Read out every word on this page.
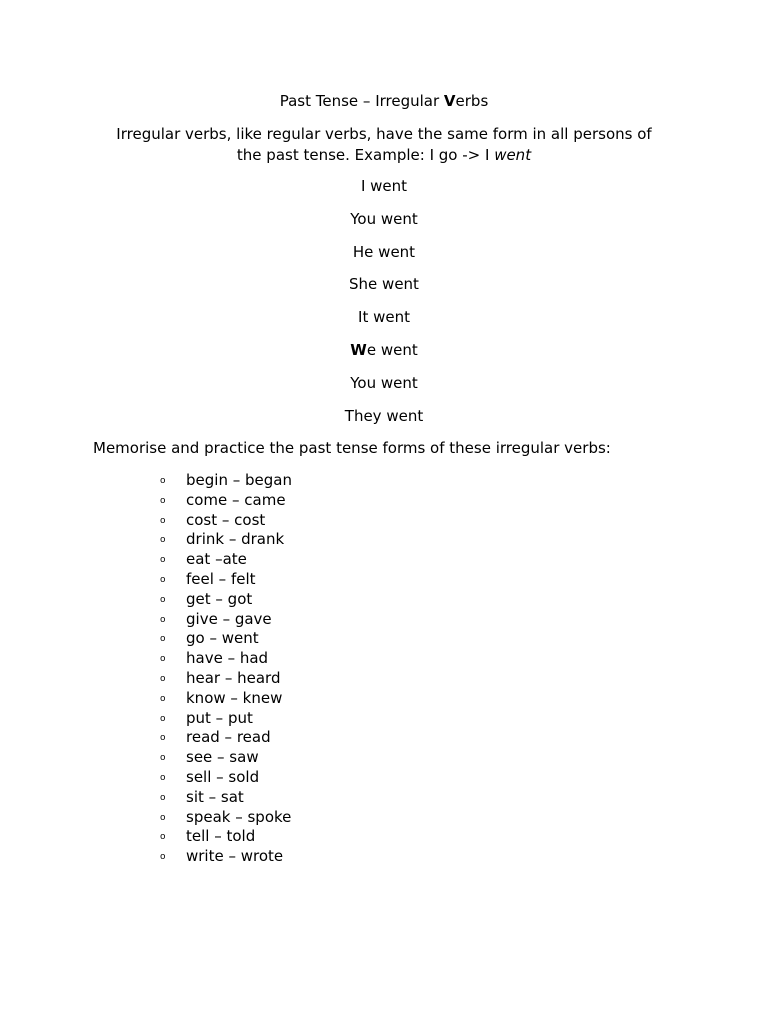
Past Tense – Irregular Verbs

Irregular verbs, like regular verbs, have the same form in all persons of
the past tense. Example: I go -> I went

I went
You went
He went
She went
It went
We went
You went
They went

Memorise and practice the past tense forms of these irregular verbs:

o begin – began
o come – came
o cost – cost
o drink – drank
o eat –ate
o feel – felt
o get – got
o give – gave
o go – went
o have – had
o hear – heard
o know – knew
o put – put
o read – read
o see – saw
o sell – sold
o sit – sat
o speak – spoke
o tell – told
o write – wrote
